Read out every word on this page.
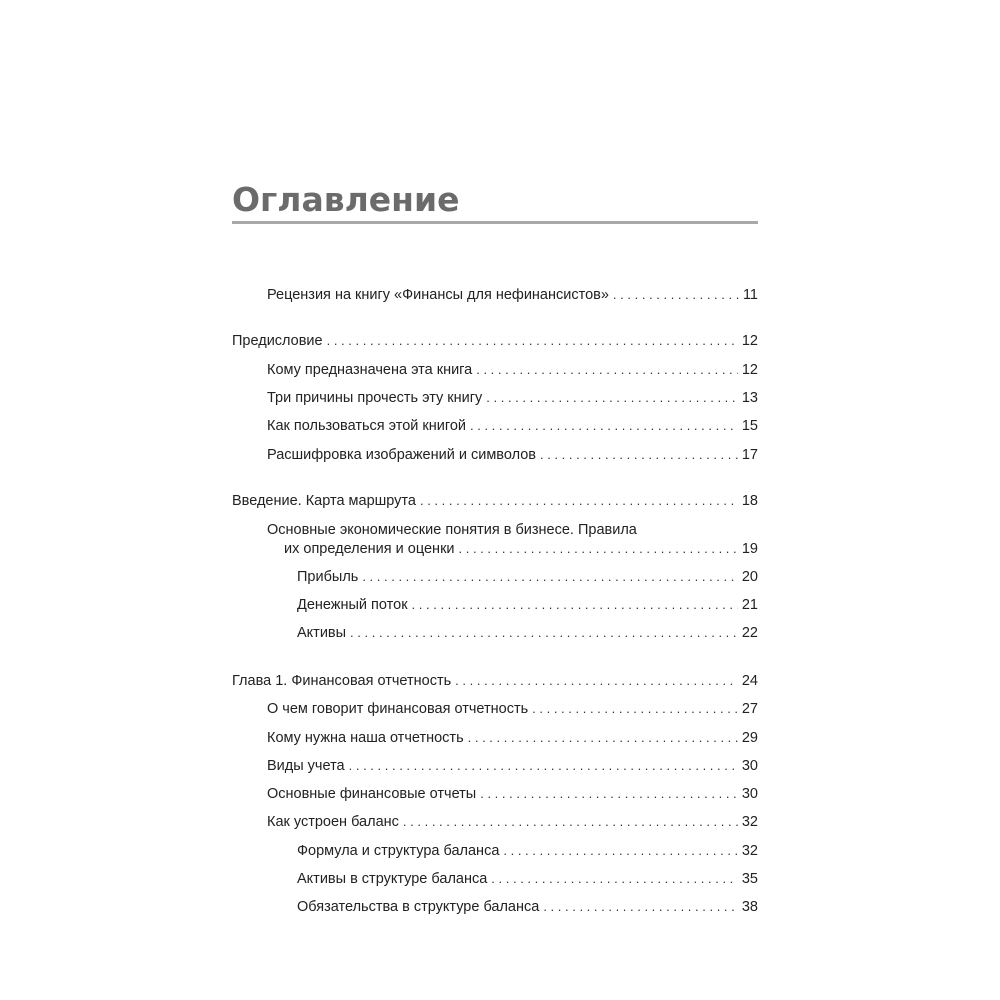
Оглавление
Рецензия на книгу «Финансы для нефинансистов» . . .	11
Предисловие . . .	12
Кому предназначена эта книга . . .	12
Три причины прочесть эту книгу . . .	13
Как пользоваться этой книгой . . .	15
Расшифровка изображений и символов . . .	17
Введение. Карта маршрута . . .	18
Основные экономические понятия в бизнесе. Правила
их определения и оценки . . .	19
Прибыль . . .	20
Денежный поток . . .	21
Активы . . .	22
Глава 1. Финансовая отчетность . . .	24
О чем говорит финансовая отчетность . . .	27
Кому нужна наша отчетность . . .	29
Виды учета . . .	30
Основные финансовые отчеты . . .	30
Как устроен баланс . . .	32
Формула и структура баланса . . .	32
Активы в структуре баланса . . .	35
Обязательства в структуре баланса . . .	38
